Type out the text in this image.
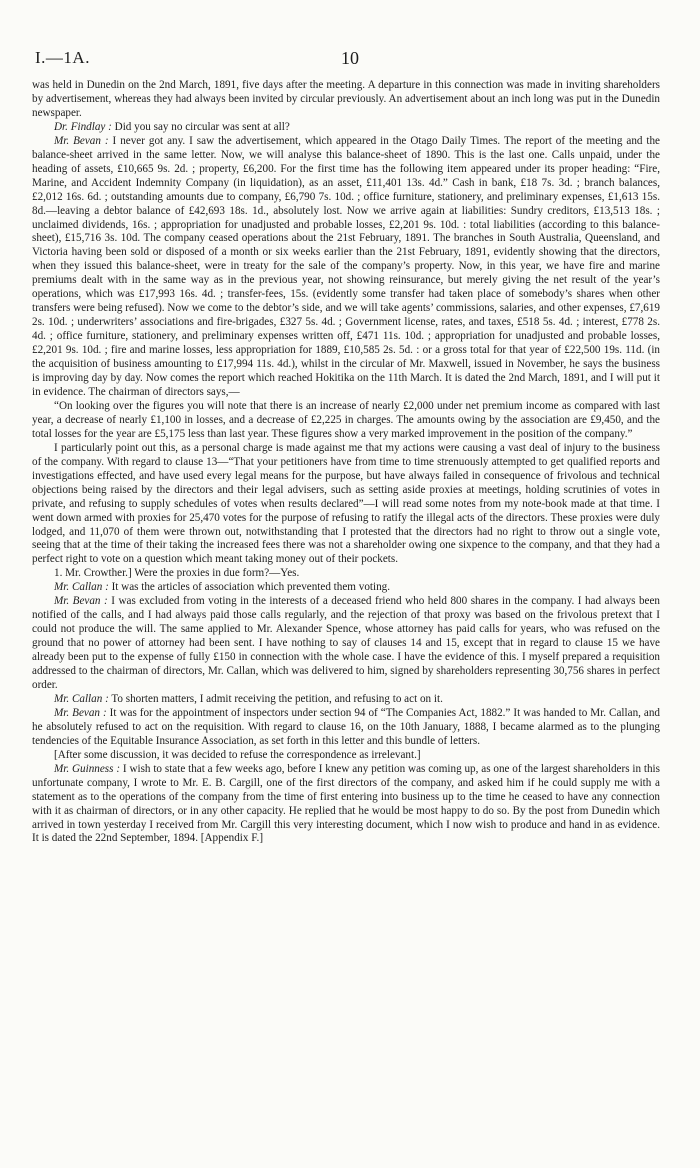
I.—1A.	10

was held in Dunedin on the 2nd March, 1891, five days after the meeting. A departure in this connection was made in inviting shareholders by advertisement, whereas they had always been invited by circular previously. An advertisement about an inch long was put in the Dunedin newspaper.

Dr. Findlay : Did you say no circular was sent at all?

Mr. Bevan : I never got any. I saw the advertisement, which appeared in the Otago Daily Times. The report of the meeting and the balance-sheet arrived in the same letter. Now, we will analyse this balance-sheet of 1890. This is the last one. Calls unpaid, under the heading of assets, £10,665 9s. 2d. ; property, £6,200. For the first time has the following item appeared under its proper heading: “Fire, Marine, and Accident Indemnity Company (in liquidation), as an asset, £11,401 13s. 4d.” Cash in bank, £18 7s. 3d. ; branch balances, £2,012 16s. 6d. ; outstanding amounts due to company, £6,790 7s. 10d. ; office furniture, stationery, and preliminary expenses, £1,613 15s. 8d.—leaving a debtor balance of £42,693 18s. 1d., absolutely lost. Now we arrive again at liabilities: Sundry creditors, £13,513 18s. ; unclaimed dividends, 16s. ; appropriation for unadjusted and probable losses, £2,201 9s. 10d. : total liabilities (according to this balance-sheet), £15,716 3s. 10d. The company ceased operations about the 21st February, 1891. The branches in South Australia, Queensland, and Victoria having been sold or disposed of a month or six weeks earlier than the 21st February, 1891, evidently showing that the directors, when they issued this balance-sheet, were in treaty for the sale of the company’s property. Now, in this year, we have fire and marine premiums dealt with in the same way as in the previous year, not showing reinsurance, but merely giving the net result of the year’s operations, which was £17,993 16s. 4d. ; transfer-fees, 15s. (evidently some transfer had taken place of somebody’s shares when other transfers were being refused). Now we come to the debtor’s side, and we will take agents’ commissions, salaries, and other expenses, £7,619 2s. 10d. ; underwriters’ associations and fire-brigades, £327 5s. 4d. ; Government license, rates, and taxes, £518 5s. 4d. ; interest, £778 2s. 4d. ; office furniture, stationery, and preliminary expenses written off, £471 11s. 10d. ; appropriation for unadjusted and probable losses, £2,201 9s. 10d. ; fire and marine losses, less appropriation for 1889, £10,585 2s. 5d. : or a gross total for that year of £22,500 19s. 11d. (in the acquisition of business amounting to £17,994 11s. 4d.), whilst in the circular of Mr. Maxwell, issued in November, he says the business is improving day by day. Now comes the report which reached Hokitika on the 11th March. It is dated the 2nd March, 1891, and I will put it in evidence. The chairman of directors says,—

“On looking over the figures you will note that there is an increase of nearly £2,000 under net premium income as compared with last year, a decrease of nearly £1,100 in losses, and a decrease of £2,225 in charges. The amounts owing by the association are £9,450, and the total losses for the year are £5,175 less than last year. These figures show a very marked improvement in the position of the company.”

I particularly point out this, as a personal charge is made against me that my actions were causing a vast deal of injury to the business of the company. With regard to clause 13—“That your petitioners have from time to time strenuously attempted to get qualified reports and investigations effected, and have used every legal means for the purpose, but have always failed in consequence of frivolous and technical objections being raised by the directors and their legal advisers, such as setting aside proxies at meetings, holding scrutinies of votes in private, and refusing to supply schedules of votes when results declared”—I will read some notes from my note-book made at that time. I went down armed with proxies for 25,470 votes for the purpose of refusing to ratify the illegal acts of the directors. These proxies were duly lodged, and 11,070 of them were thrown out, notwithstanding that I protested that the directors had no right to throw out a single vote, seeing that at the time of their taking the increased fees there was not a shareholder owing one sixpence to the company, and that they had a perfect right to vote on a question which meant taking money out of their pockets.

1. Mr. Crowther.] Were the proxies in due form?—Yes.

Mr. Callan : It was the articles of association which prevented them voting.

Mr. Bevan : I was excluded from voting in the interests of a deceased friend who held 800 shares in the company. I had always been notified of the calls, and I had always paid those calls regularly, and the rejection of that proxy was based on the frivolous pretext that I could not produce the will. The same applied to Mr. Alexander Spence, whose attorney has paid calls for years, who was refused on the ground that no power of attorney had been sent. I have nothing to say of clauses 14 and 15, except that in regard to clause 15 we have already been put to the expense of fully £150 in connection with the whole case. I have the evidence of this. I myself prepared a requisition addressed to the chairman of directors, Mr. Callan, which was delivered to him, signed by shareholders representing 30,756 shares in perfect order.

Mr. Callan : To shorten matters, I admit receiving the petition, and refusing to act on it.

Mr. Bevan : It was for the appointment of inspectors under section 94 of “The Companies Act, 1882.” It was handed to Mr. Callan, and he absolutely refused to act on the requisition. With regard to clause 16, on the 10th January, 1888, I became alarmed as to the plunging tendencies of the Equitable Insurance Association, as set forth in this letter and this bundle of letters.

[After some discussion, it was decided to refuse the correspondence as irrelevant.]

Mr. Guinness : I wish to state that a few weeks ago, before I knew any petition was coming up, as one of the largest shareholders in this unfortunate company, I wrote to Mr. E. B. Cargill, one of the first directors of the company, and asked him if he could supply me with a statement as to the operations of the company from the time of first entering into business up to the time he ceased to have any connection with it as chairman of directors, or in any other capacity. He replied that he would be most happy to do so. By the post from Dunedin which arrived in town yesterday I received from Mr. Cargill this very interesting document, which I now wish to produce and hand in as evidence. It is dated the 22nd September, 1894. [Appendix F.]
